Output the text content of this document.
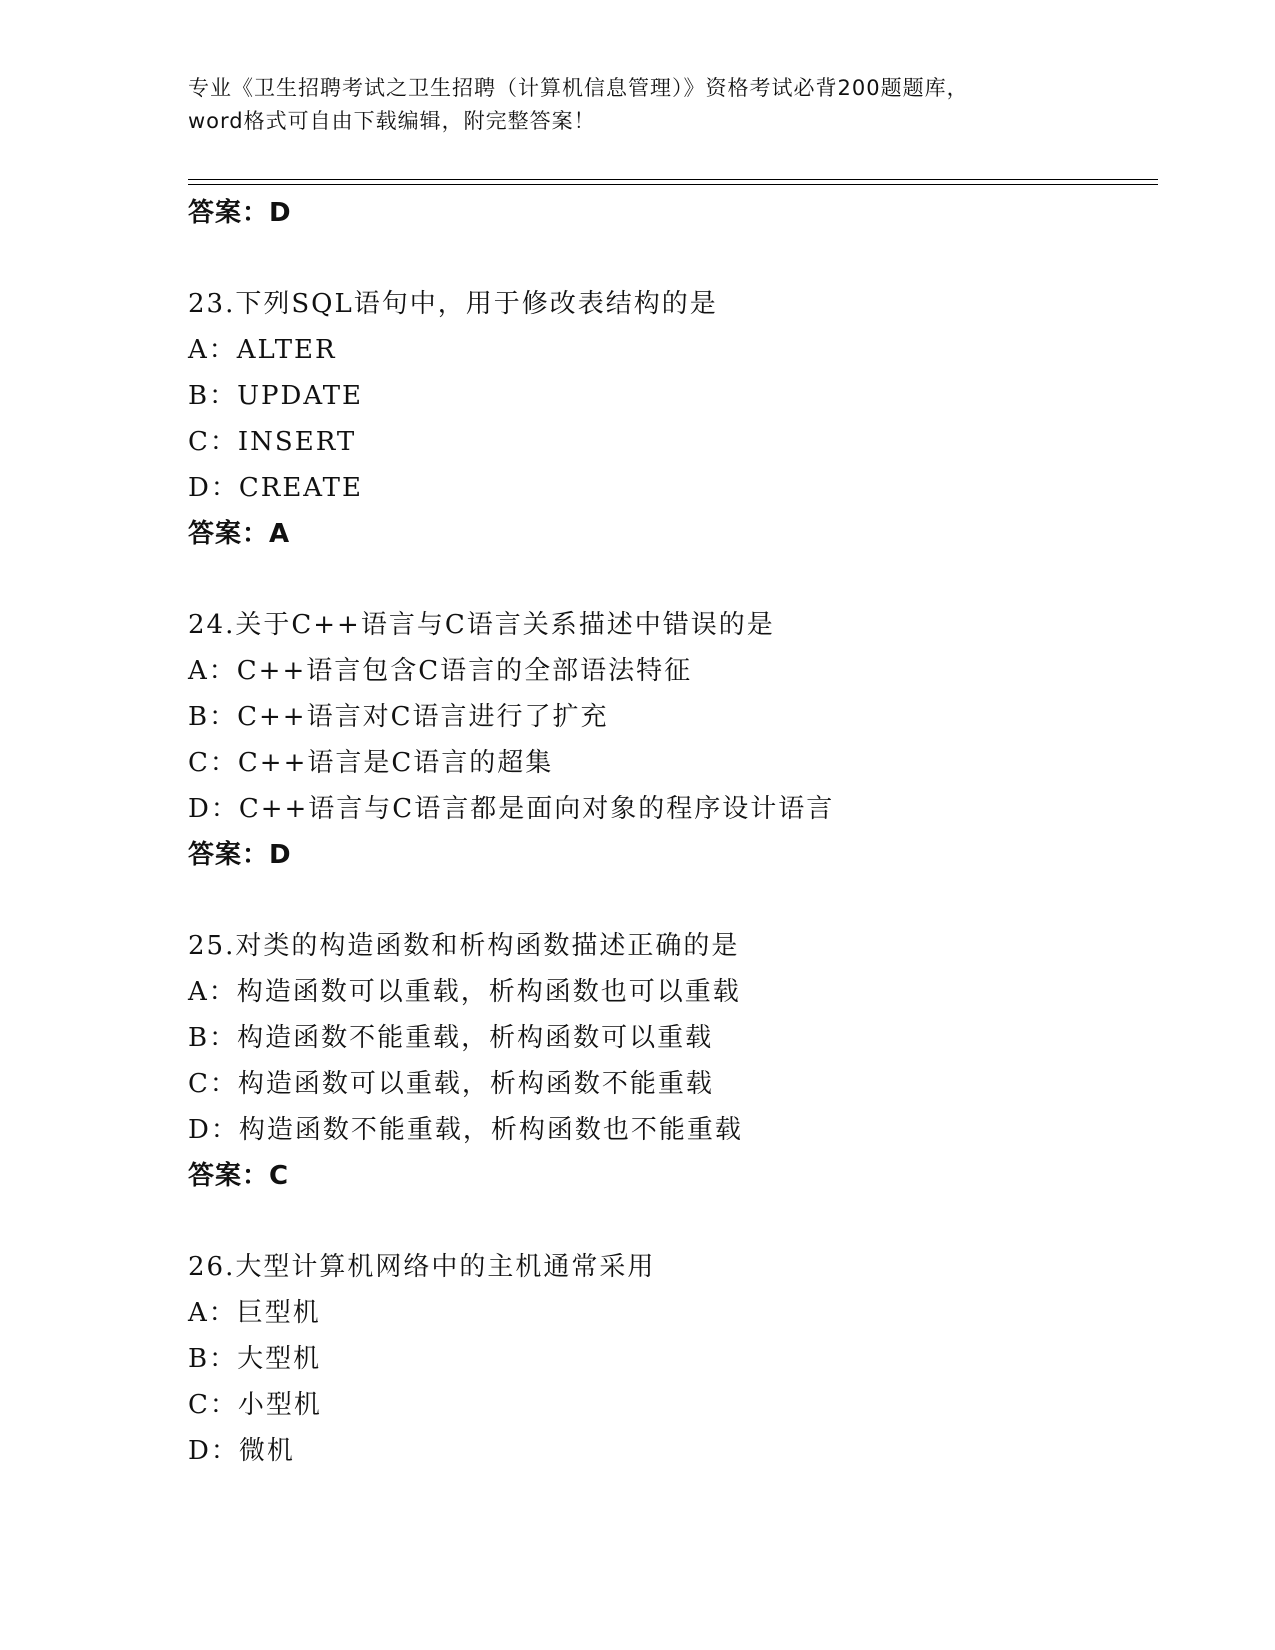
专业《卫生招聘考试之卫生招聘（计算机信息管理）》资格考试必背200题题库，
word格式可自由下载编辑，附完整答案！
答案：D
23.下列SQL语句中，用于修改表结构的是
A：ALTER
B：UPDATE
C：INSERT
D：CREATE
答案：A
24.关于C++语言与C语言关系描述中错误的是
A：C++语言包含C语言的全部语法特征
B：C++语言对C语言进行了扩充
C：C++语言是C语言的超集
D：C++语言与C语言都是面向对象的程序设计语言
答案：D
25.对类的构造函数和析构函数描述正确的是
A：构造函数可以重载，析构函数也可以重载
B：构造函数不能重载，析构函数可以重载
C：构造函数可以重载，析构函数不能重载
D：构造函数不能重载，析构函数也不能重载
答案：C
26.大型计算机网络中的主机通常采用
A：巨型机
B：大型机
C：小型机
D：微机
